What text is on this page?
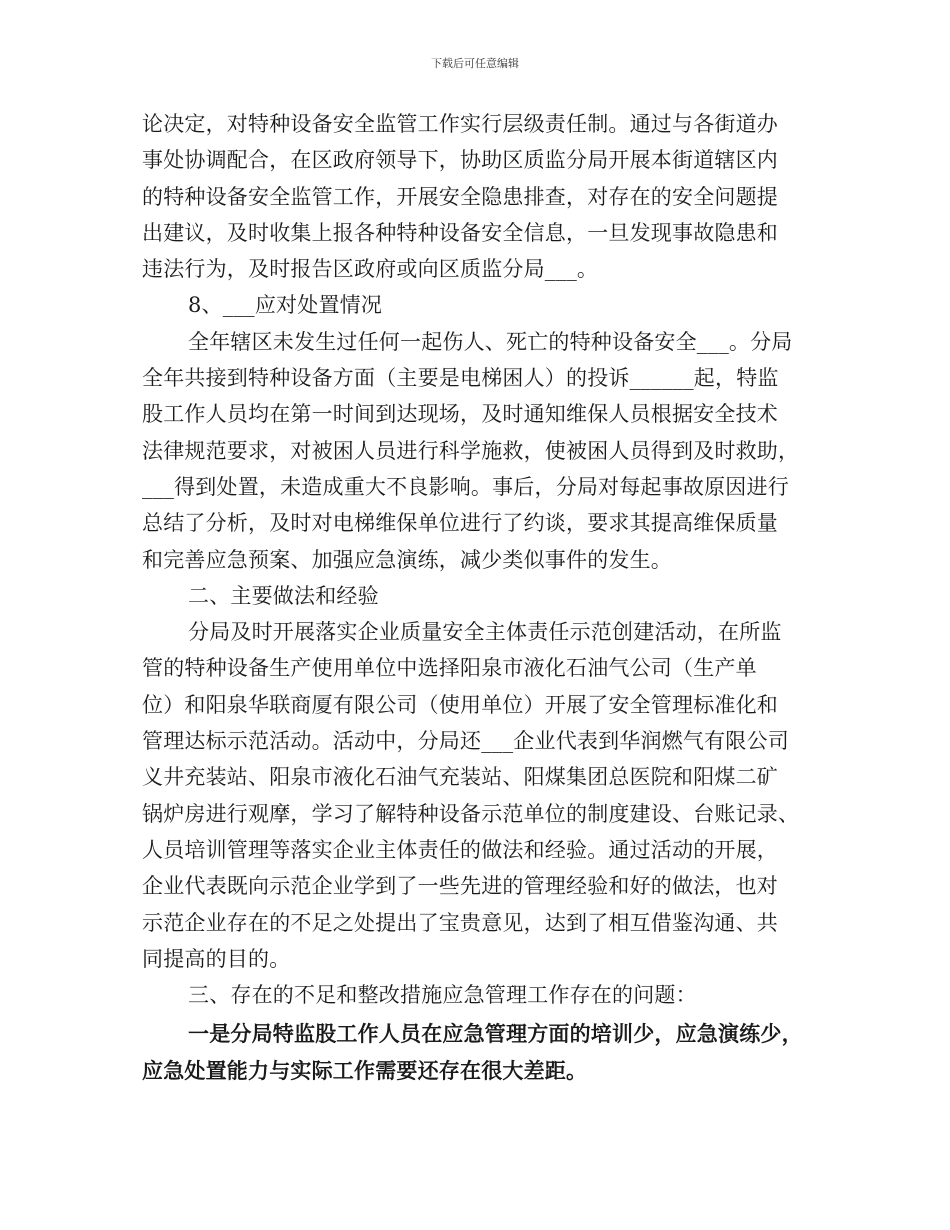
下载后可任意编辑
论决定，对特种设备安全监管工作实行层级责任制。通过与各街道办
事处协调配合，在区政府领导下，协助区质监分局开展本街道辖区内
的特种设备安全监管工作，开展安全隐患排查，对存在的安全问题提
出建议，及时收集上报各种特种设备安全信息，一旦发现事故隐患和
违法行为，及时报告区政府或向区质监分局___。
8、___应对处置情况
全年辖区未发生过任何一起伤人、死亡的特种设备安全___。分局
全年共接到特种设备方面（主要是电梯困人）的投诉______起，特监
股工作人员均在第一时间到达现场，及时通知维保人员根据安全技术
法律规范要求，对被困人员进行科学施救，使被困人员得到及时救助，
___得到处置，未造成重大不良影响。事后，分局对每起事故原因进行
总结了分析，及时对电梯维保单位进行了约谈，要求其提高维保质量
和完善应急预案、加强应急演练，减少类似事件的发生。
二、主要做法和经验
分局及时开展落实企业质量安全主体责任示范创建活动，在所监
管的特种设备生产使用单位中选择阳泉市液化石油气公司（生产单
位）和阳泉华联商厦有限公司（使用单位）开展了安全管理标准化和
管理达标示范活动。活动中，分局还___企业代表到华润燃气有限公司
义井充装站、阳泉市液化石油气充装站、阳煤集团总医院和阳煤二矿
锅炉房进行观摩，学习了解特种设备示范单位的制度建设、台账记录、
人员培训管理等落实企业主体责任的做法和经验。通过活动的开展，
企业代表既向示范企业学到了一些先进的管理经验和好的做法，也对
示范企业存在的不足之处提出了宝贵意见，达到了相互借鉴沟通、共
同提高的目的。
三、存在的不足和整改措施应急管理工作存在的问题：
一是分局特监股工作人员在应急管理方面的培训少，应急演练少，
应急处置能力与实际工作需要还存在很大差距。
